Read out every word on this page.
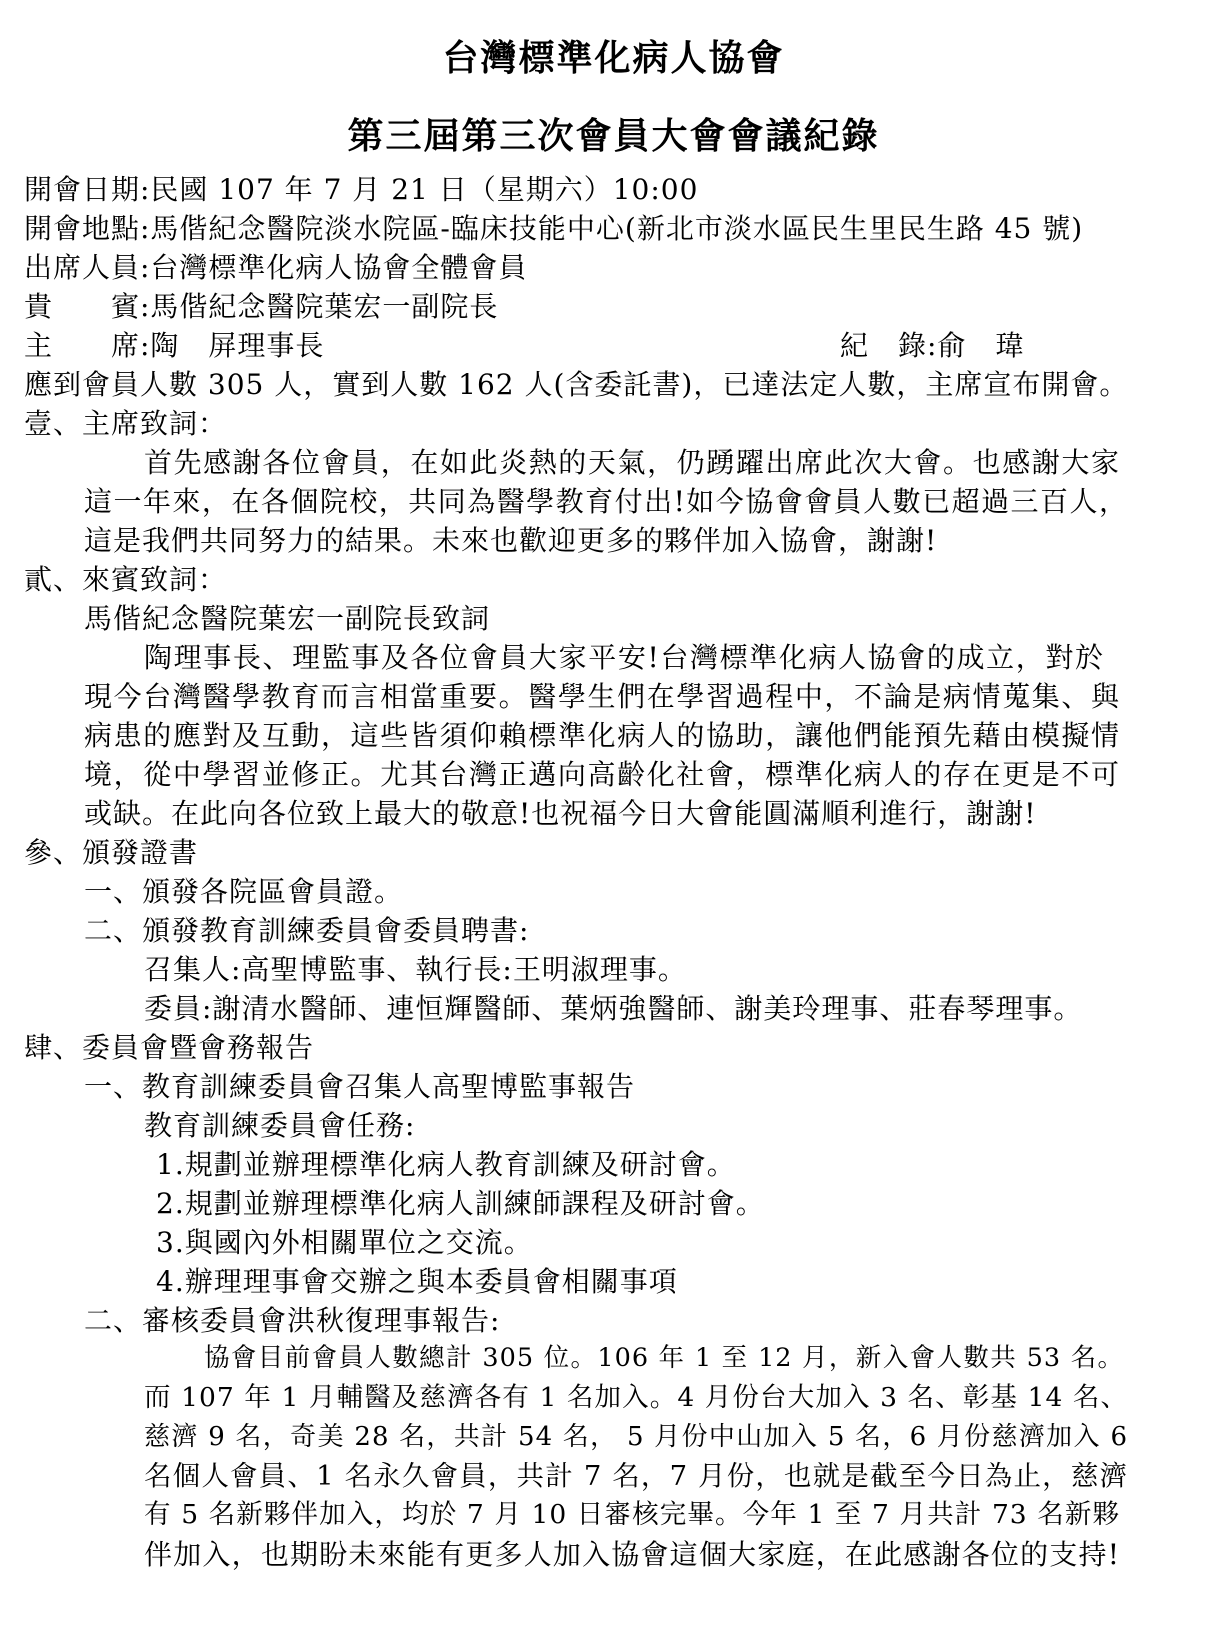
台灣標準化病人協會
第三屆第三次會員大會會議紀錄
開會日期:民國 107 年 7 月 21 日（星期六）10:00
開會地點:馬偕紀念醫院淡水院區-臨床技能中心(新北市淡水區民生里民生路 45 號)
出席人員:台灣標準化病人協會全體會員
貴　　賓:馬偕紀念醫院葉宏一副院長
主　　席:陶　屏理事長	紀　錄:俞　瑋
應到會員人數 305 人，實到人數 162 人(含委託書)，已達法定人數，主席宣布開會。
壹、主席致詞：
首先感謝各位會員，在如此炎熱的天氣，仍踴躍出席此次大會。也感謝大家
這一年來，在各個院校，共同為醫學教育付出!如今協會會員人數已超過三百人，
這是我們共同努力的結果。未來也歡迎更多的夥伴加入協會，謝謝!
貳、來賓致詞：
馬偕紀念醫院葉宏一副院長致詞
陶理事長、理監事及各位會員大家平安!台灣標準化病人協會的成立，對於
現今台灣醫學教育而言相當重要。醫學生們在學習過程中，不論是病情蒐集、與
病患的應對及互動，這些皆須仰賴標準化病人的協助，讓他們能預先藉由模擬情
境，從中學習並修正。尤其台灣正邁向高齡化社會，標準化病人的存在更是不可
或缺。在此向各位致上最大的敬意!也祝福今日大會能圓滿順利進行，謝謝!
參、頒發證書
一、頒發各院區會員證。
二、頒發教育訓練委員會委員聘書:
召集人:高聖博監事、執行長:王明淑理事。
委員:謝清水醫師、連恒輝醫師、葉炳強醫師、謝美玲理事、莊春琴理事。
肆、委員會暨會務報告
一、教育訓練委員會召集人高聖博監事報告
教育訓練委員會任務:
1.規劃並辦理標準化病人教育訓練及研討會。
2.規劃並辦理標準化病人訓練師課程及研討會。
3.與國內外相關單位之交流。
4.辦理理事會交辦之與本委員會相關事項
二、審核委員會洪秋復理事報告:
協會目前會員人數總計 305 位。106 年 1 至 12 月，新入會人數共 53 名。
而 107 年 1 月輔醫及慈濟各有 1 名加入。4 月份台大加入 3 名、彰基 14 名、
慈濟 9 名，奇美 28 名，共計 54 名， 5 月份中山加入 5 名，6 月份慈濟加入 6
名個人會員、1 名永久會員，共計 7 名，7 月份，也就是截至今日為止，慈濟
有 5 名新夥伴加入，均於 7 月 10 日審核完畢。今年 1 至 7 月共計 73 名新夥
伴加入，也期盼未來能有更多人加入協會這個大家庭，在此感謝各位的支持!
